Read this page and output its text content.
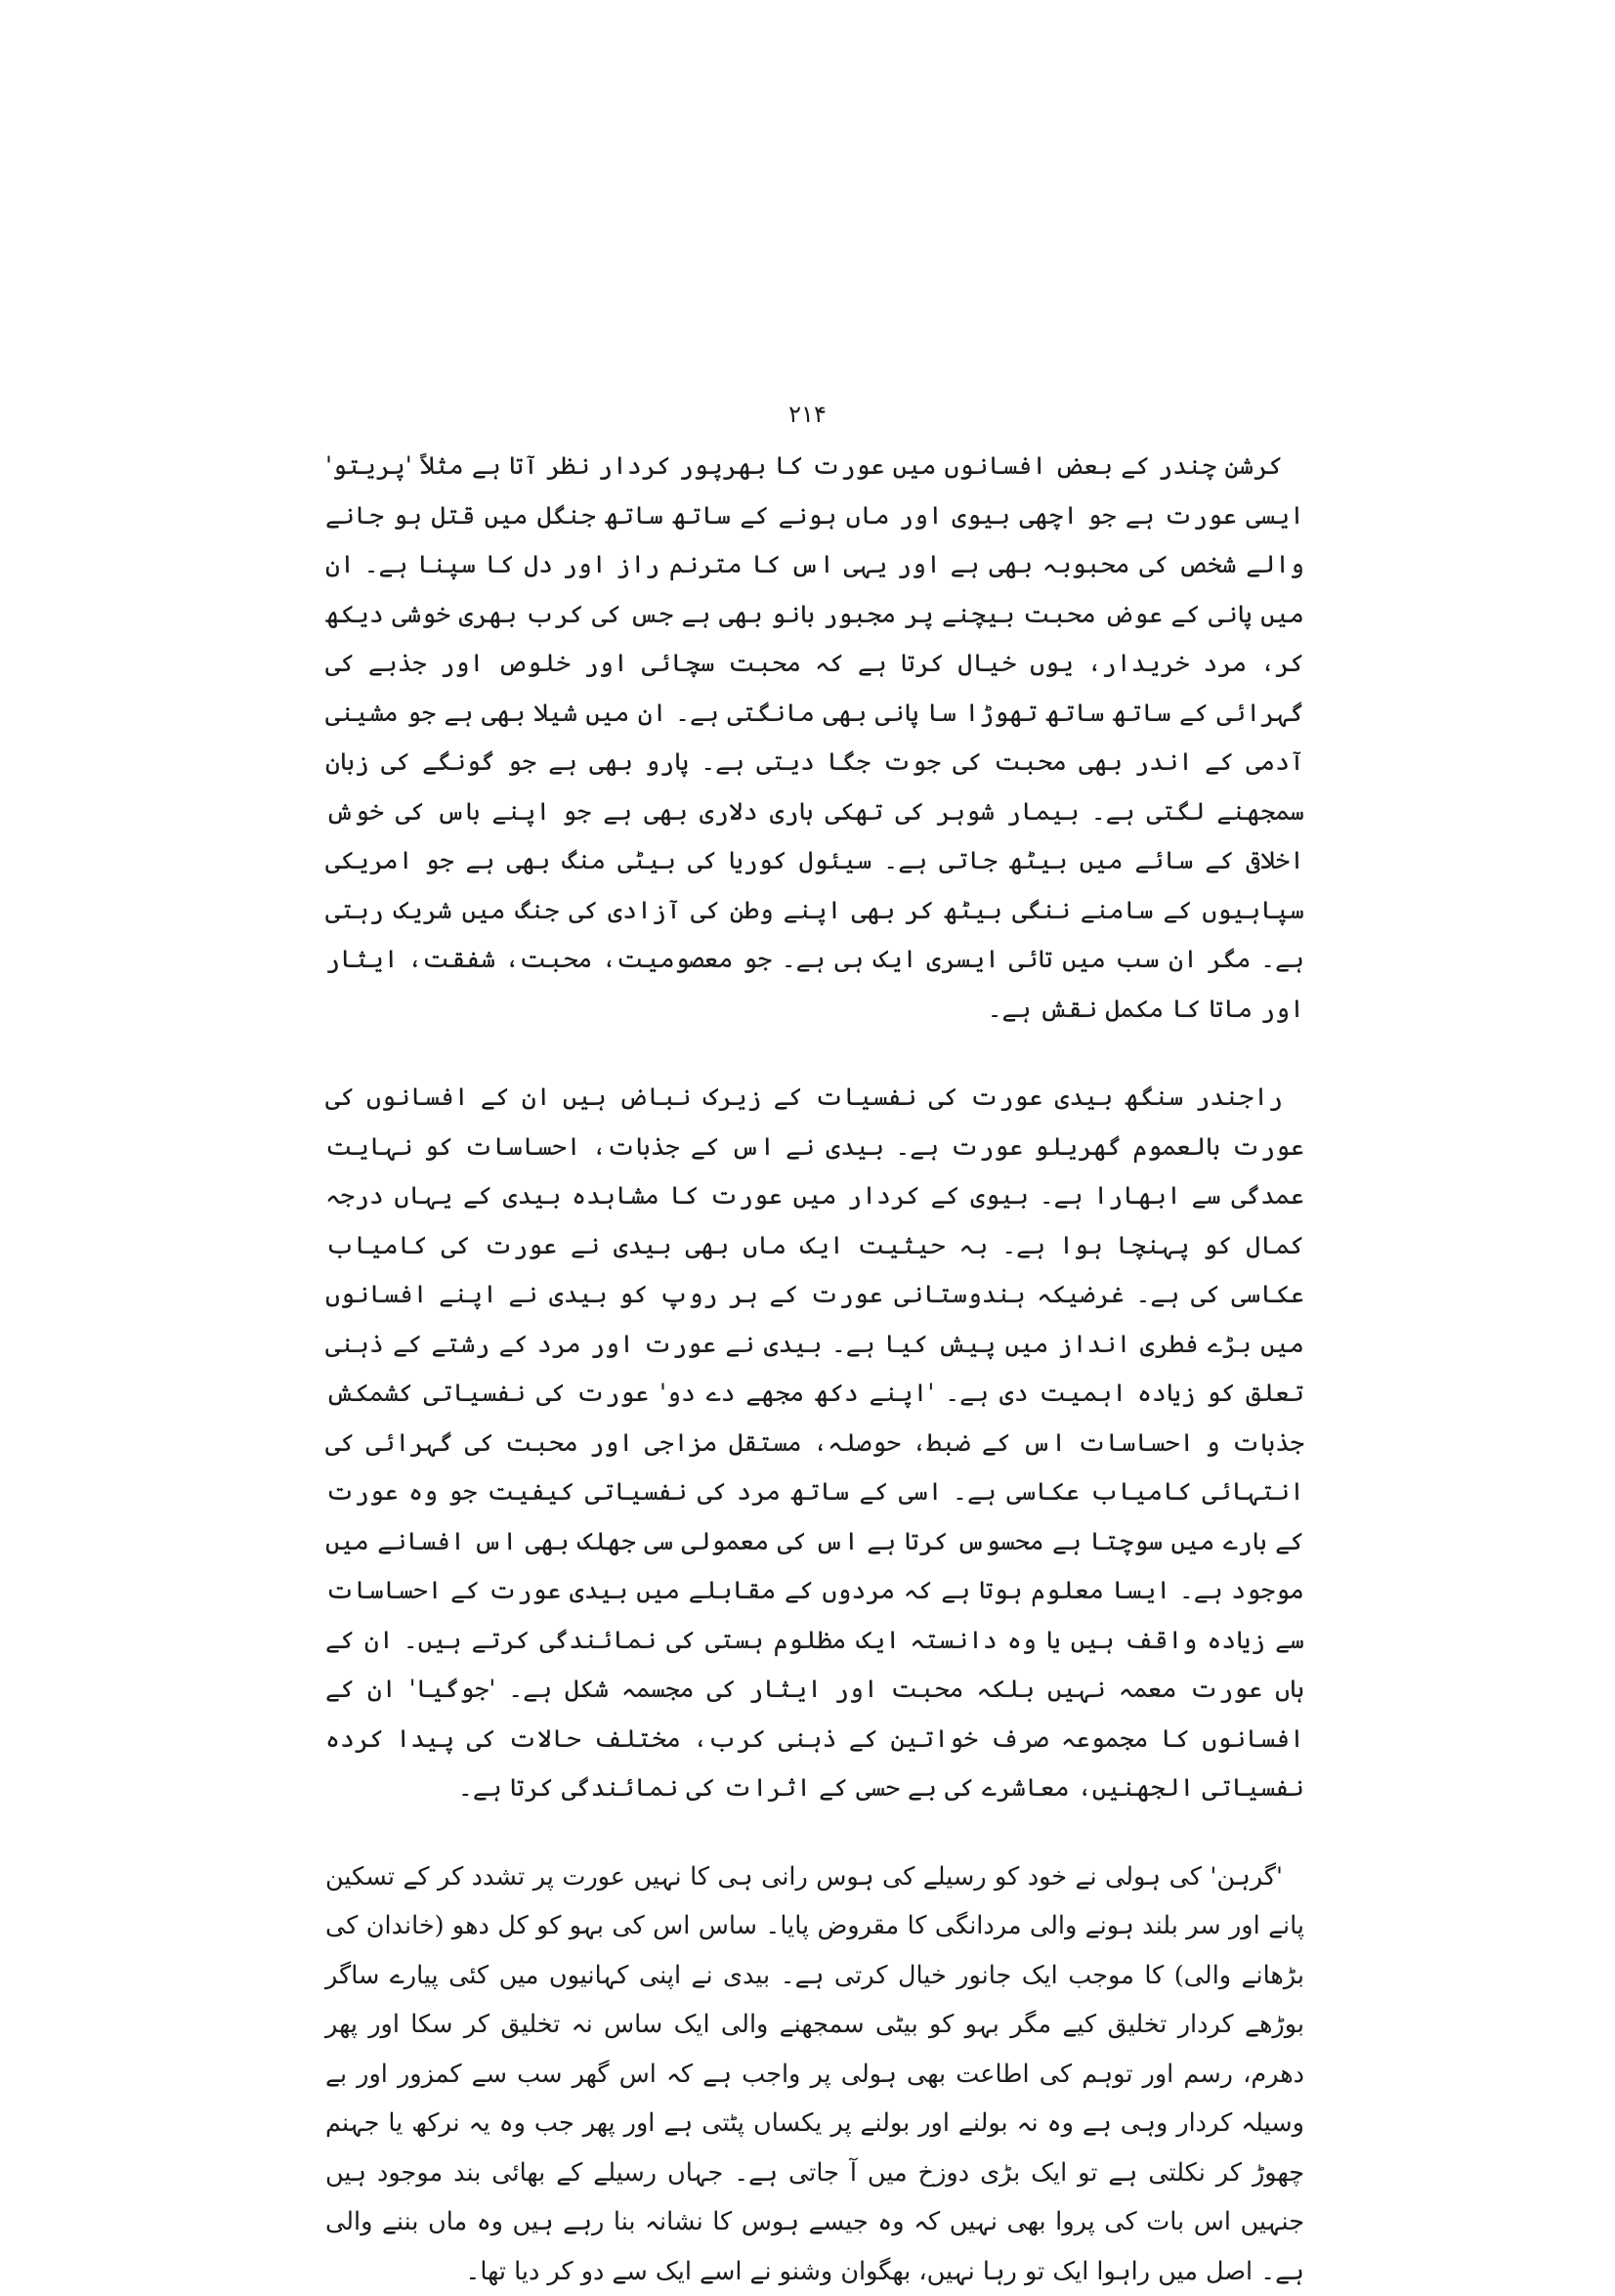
۲۱۴

کرشن چندر کے بعض افسانوں میں عورت کا بھرپور کردار نظر آتا ہے مثلاً 'پریتو' ایسی عورت ہے جو اچھی بیوی اور ماں ہونے کے ساتھ ساتھ جنگل میں قتل ہو جانے والے شخص کی محبوبہ بھی ہے اور یہی اس کا مترنم راز اور دل کا سپنا ہے۔ ان میں پانی کے عوض محبت بیچنے پر مجبور بانو بھی ہے جس کی کرب بھری خوشی دیکھ کر، مرد خریدار، یوں خیال کرتا ہے کہ محبت سچائی اور خلوص اور جذبے کی گہرائی کے ساتھ ساتھ تھوڑا سا پانی بھی مانگتی ہے۔ ان میں شیلا بھی ہے جو مشینی آدمی کے اندر بھی محبت کی جوت جگا دیتی ہے۔ پارو بھی ہے جو گونگے کی زبان سمجھنے لگتی ہے۔ بیمار شوہر کی تھکی ہاری دلاری بھی ہے جو اپنے باس کی خوش اخلاقی کے سائے میں بیٹھ جاتی ہے۔ سیئول کوریا کی بیٹی منگ بھی ہے جو امریکی سپاہیوں کے سامنے ننگی بیٹھ کر بھی اپنے وطن کی آزادی کی جنگ میں شریک رہتی ہے۔ مگر ان سب میں تائی ایسری ایک ہی ہے۔ جو معصومیت، محبت، شفقت، ایثار اور ماتا کا مکمل نقش ہے۔

راجندر سنگھ بیدی عورت کی نفسیات کے زیرک نباض ہیں ان کے افسانوں کی عورت بالعموم گھریلو عورت ہے۔ بیدی نے اس کے جذبات، احساسات کو نہایت عمدگی سے ابھارا ہے۔ بیوی کے کردار میں عورت کا مشاہدہ بیدی کے یہاں درجہ کمال کو پہنچا ہوا ہے۔ بہ حیثیت ایک ماں بھی بیدی نے عورت کی کامیاب عکاسی کی ہے۔ غرضیکہ ہندوستانی عورت کے ہر روپ کو بیدی نے اپنے افسانوں میں بڑے فطری انداز میں پیش کیا ہے۔ بیدی نے عورت اور مرد کے رشتے کے ذہنی تعلق کو زیادہ اہمیت دی ہے۔ 'اپنے دکھ مجھے دے دو' عورت کی نفسیاتی کشمکش جذبات و احساسات اس کے ضبط، حوصلہ، مستقل مزاجی اور محبت کی گہرائی کی انتہائی کامیاب عکاسی ہے۔ اسی کے ساتھ مرد کی نفسیاتی کیفیت جو وہ عورت کے بارے میں سوچتا ہے محسوس کرتا ہے اس کی معمولی سی جھلک بھی اس افسانے میں موجود ہے۔ ایسا معلوم ہوتا ہے کہ مردوں کے مقابلے میں بیدی عورت کے احساسات سے زیادہ واقف ہیں یا وہ دانستہ ایک مظلوم ہستی کی نمائندگی کرتے ہیں۔ ان کے ہاں عورت معمہ نہیں بلکہ محبت اور ایثار کی مجسمہ شکل ہے۔ 'جوگیا' ان کے افسانوں کا مجموعہ صرف خواتین کے ذہنی کرب، مختلف حالات کی پیدا کردہ نفسیاتی الجھنیں، معاشرے کی بے حسی کے اثرات کی نمائندگی کرتا ہے۔

'گرہن' کی ہولی نے خود کو رسیلے کی ہوس رانی ہی کا نہیں عورت پر تشدد کر کے تسکین پانے اور سر بلند ہونے والی مردانگی کا مقروض پایا۔ ساس اس کی بہو کو کل دھو (خاندان کی بڑھانے والی) کا موجب ایک جانور خیال کرتی ہے۔ بیدی نے اپنی کہانیوں میں کئی پیارے ساگر بوڑھے کردار تخلیق کیے مگر بہو کو بیٹی سمجھنے والی ایک ساس نہ تخلیق کر سکا اور پھر دھرم، رسم اور توہم کی اطاعت بھی ہولی پر واجب ہے کہ اس گھر سب سے کمزور اور بے وسیلہ کردار وہی ہے وہ نہ بولنے اور بولنے پر یکساں پٹتی ہے اور پھر جب وہ یہ نرکھ یا جہنم چھوڑ کر نکلتی ہے تو ایک بڑی دوزخ میں آ جاتی ہے۔ جہاں رسیلے کے بھائی بند موجود ہیں جنہیں اس بات کی پروا بھی نہیں کہ وہ جیسے ہوس کا نشانہ بنا رہے ہیں وہ ماں بننے والی ہے۔ اصل میں راہوا ایک تو رہا نہیں، بھگوان وشنو نے اسے ایک سے دو کر دیا تھا۔
